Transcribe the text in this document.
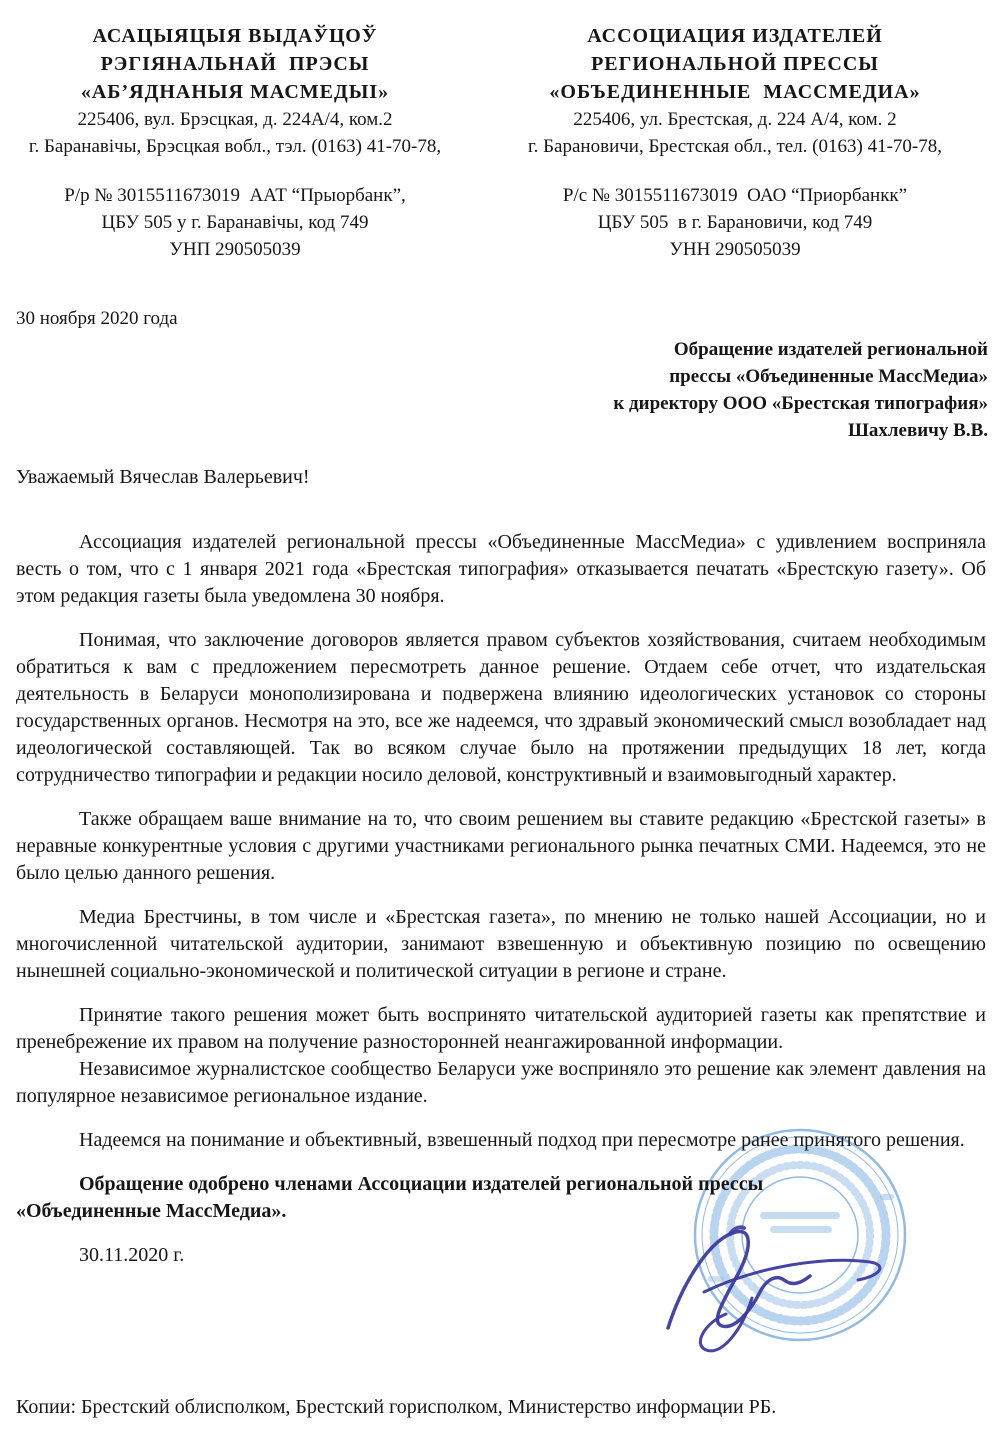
АСАЦЫЯЦЫЯ ВЫДАЎЦОЎ
РЭГІЯНАЛЬНАЙ  ПРЭСЫ
«АБ’ЯДНАНЫЯ МАСМЕДЫІ»
225406, вул. Брэсцкая, д. 224А/4, ком.2
г. Баранавічы, Брэсцкая вобл., тэл. (0163) 41-70-78,
Р/р № 3015511673019  ААТ “Прыорбанк”,
ЦБУ 505 у г. Баранавічы, код 749
УНП 290505039
АССОЦИАЦИЯ ИЗДАТЕЛЕЙ
РЕГИОНАЛЬНОЙ ПРЕССЫ
«ОБЪЕДИНЕННЫЕ  МАССМЕДИА»
225406, ул. Брестская, д. 224 А/4, ком. 2
г. Барановичи, Брестская обл., тел. (0163) 41-70-78,
Р/с № 3015511673019  ОАО “Приорбанкк”
ЦБУ 505  в г. Барановичи, код 749
УНН 290505039
30 ноября 2020 года
Обращение издателей региональной
прессы «Объединенные МассМедиа»
к директору ООО «Брестская типография»
Шахлевичу В.В.
Уважаемый Вячеслав Валерьевич!

Ассоциация издателей региональной прессы «Объединенные МассМедиа» с удивлением восприняла весть о том, что с 1 января 2021 года «Брестская типография» отказывается печатать «Брестскую газету». Об этом редакция газеты была уведомлена 30 ноября.

Понимая, что заключение договоров является правом субъектов хозяйствования, считаем необходимым обратиться к вам с предложением пересмотреть данное решение. Отдаем себе отчет, что издательская деятельность в Беларуси монополизирована и подвержена влиянию идеологических установок со стороны государственных органов. Несмотря на это, все же надеемся, что здравый экономический смысл возобладает над идеологической составляющей. Так во всяком случае было на протяжении предыдущих 18 лет, когда сотрудничество типографии и редакции носило деловой, конструктивный и взаимовыгодный характер.

Также обращаем ваше внимание на то, что своим решением вы ставите редакцию «Брестской газеты» в неравные конкурентные условия с другими участниками регионального рынка печатных СМИ. Надеемся, это не было целью данного решения.

Медиа Брестчины, в том числе и «Брестская газета», по мнению не только нашей Ассоциации, но и многочисленной читательской аудитории, занимают взвешенную и объективную позицию по освещению нынешней социально-экономической и политической ситуации в регионе и стране.

Принятие такого решения может быть воспринято читательской аудиторией газеты как препятствие и пренебрежение их правом на получение разносторонней неангажированной информации.

Независимое журналистское сообщество Беларуси уже восприняло это решение как элемент давления на популярное независимое региональное издание.

Надеемся на понимание и объективный, взвешенный подход при пересмотре ранее принятого решения.

Обращение одобрено членами Ассоциации издателей региональной прессы «Объединенные МассМедиа».

30.11.2020 г.

Копии: Брестский облисполком, Брестский горисполком, Министерство информации РБ.
